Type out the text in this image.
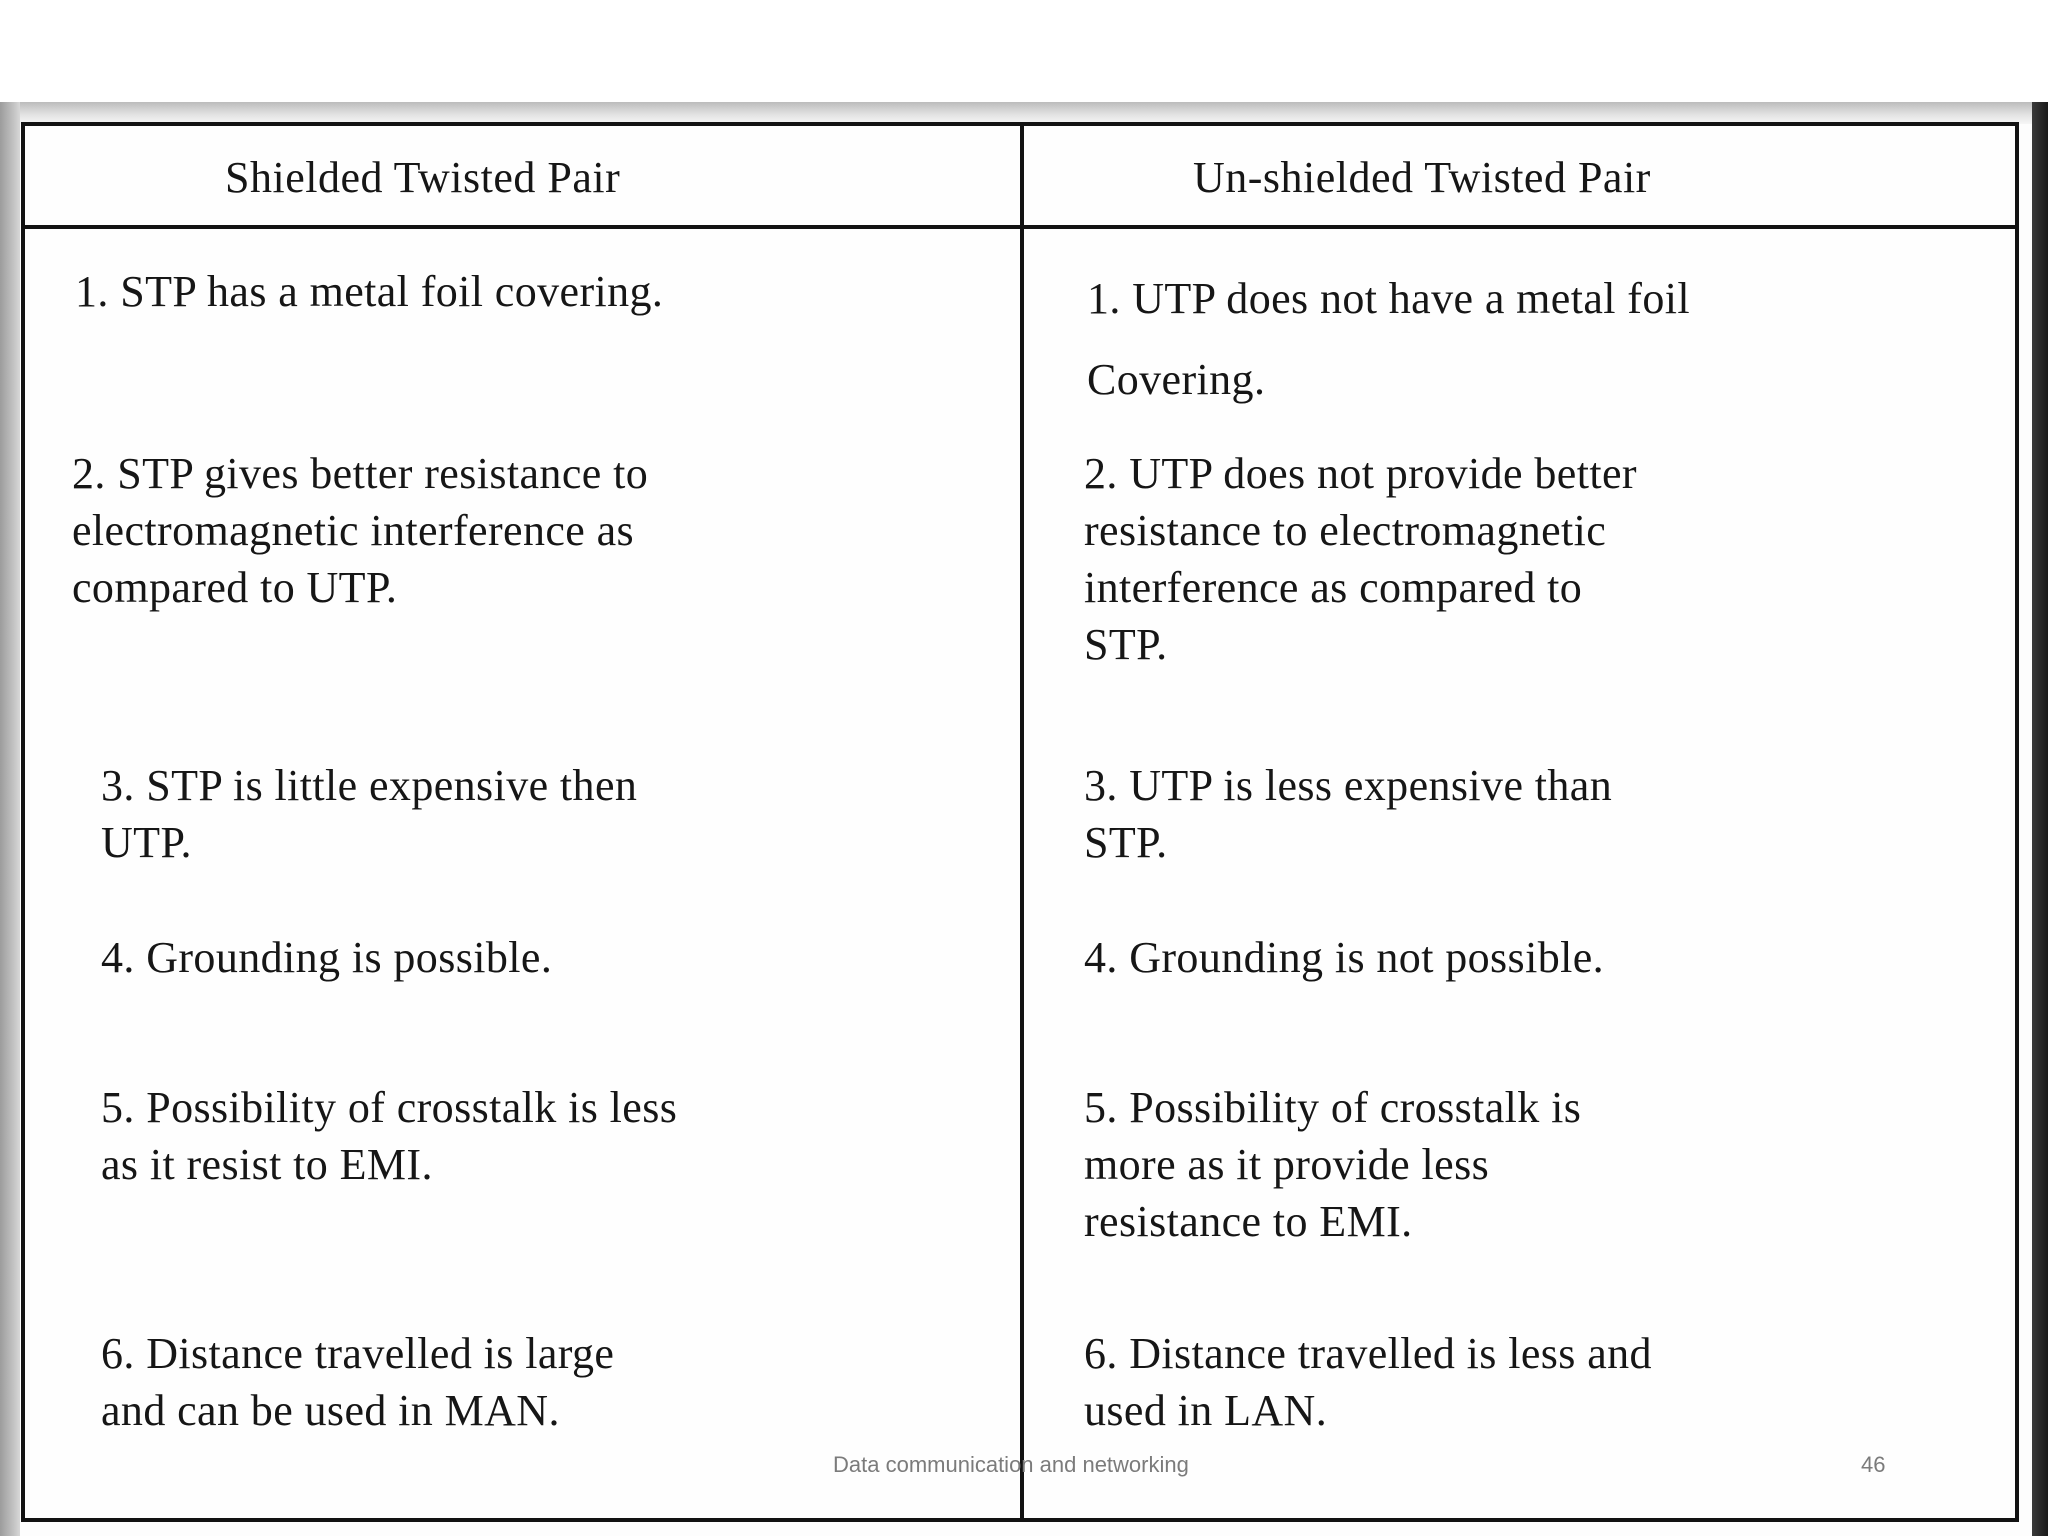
Shielded Twisted Pair	Un-shielded Twisted Pair
1. STP has a metal foil covering.
2. STP gives better resistance to
electromagnetic interference as
compared to UTP.
3. STP is little expensive then
UTP.
4. Grounding is possible.
5. Possibility of crosstalk is less
as it resist to EMI.
6. Distance travelled is large
and can be used in MAN.
1. UTP does not have a metal foil
Covering.
2. UTP does not provide better
resistance to electromagnetic
interference as compared to
STP.
3. UTP is less expensive than
STP.
4. Grounding is not possible.
5. Possibility of crosstalk is
more as it provide less
resistance to EMI.
6. Distance travelled is less and
used in LAN.
Data communication and networking	46
